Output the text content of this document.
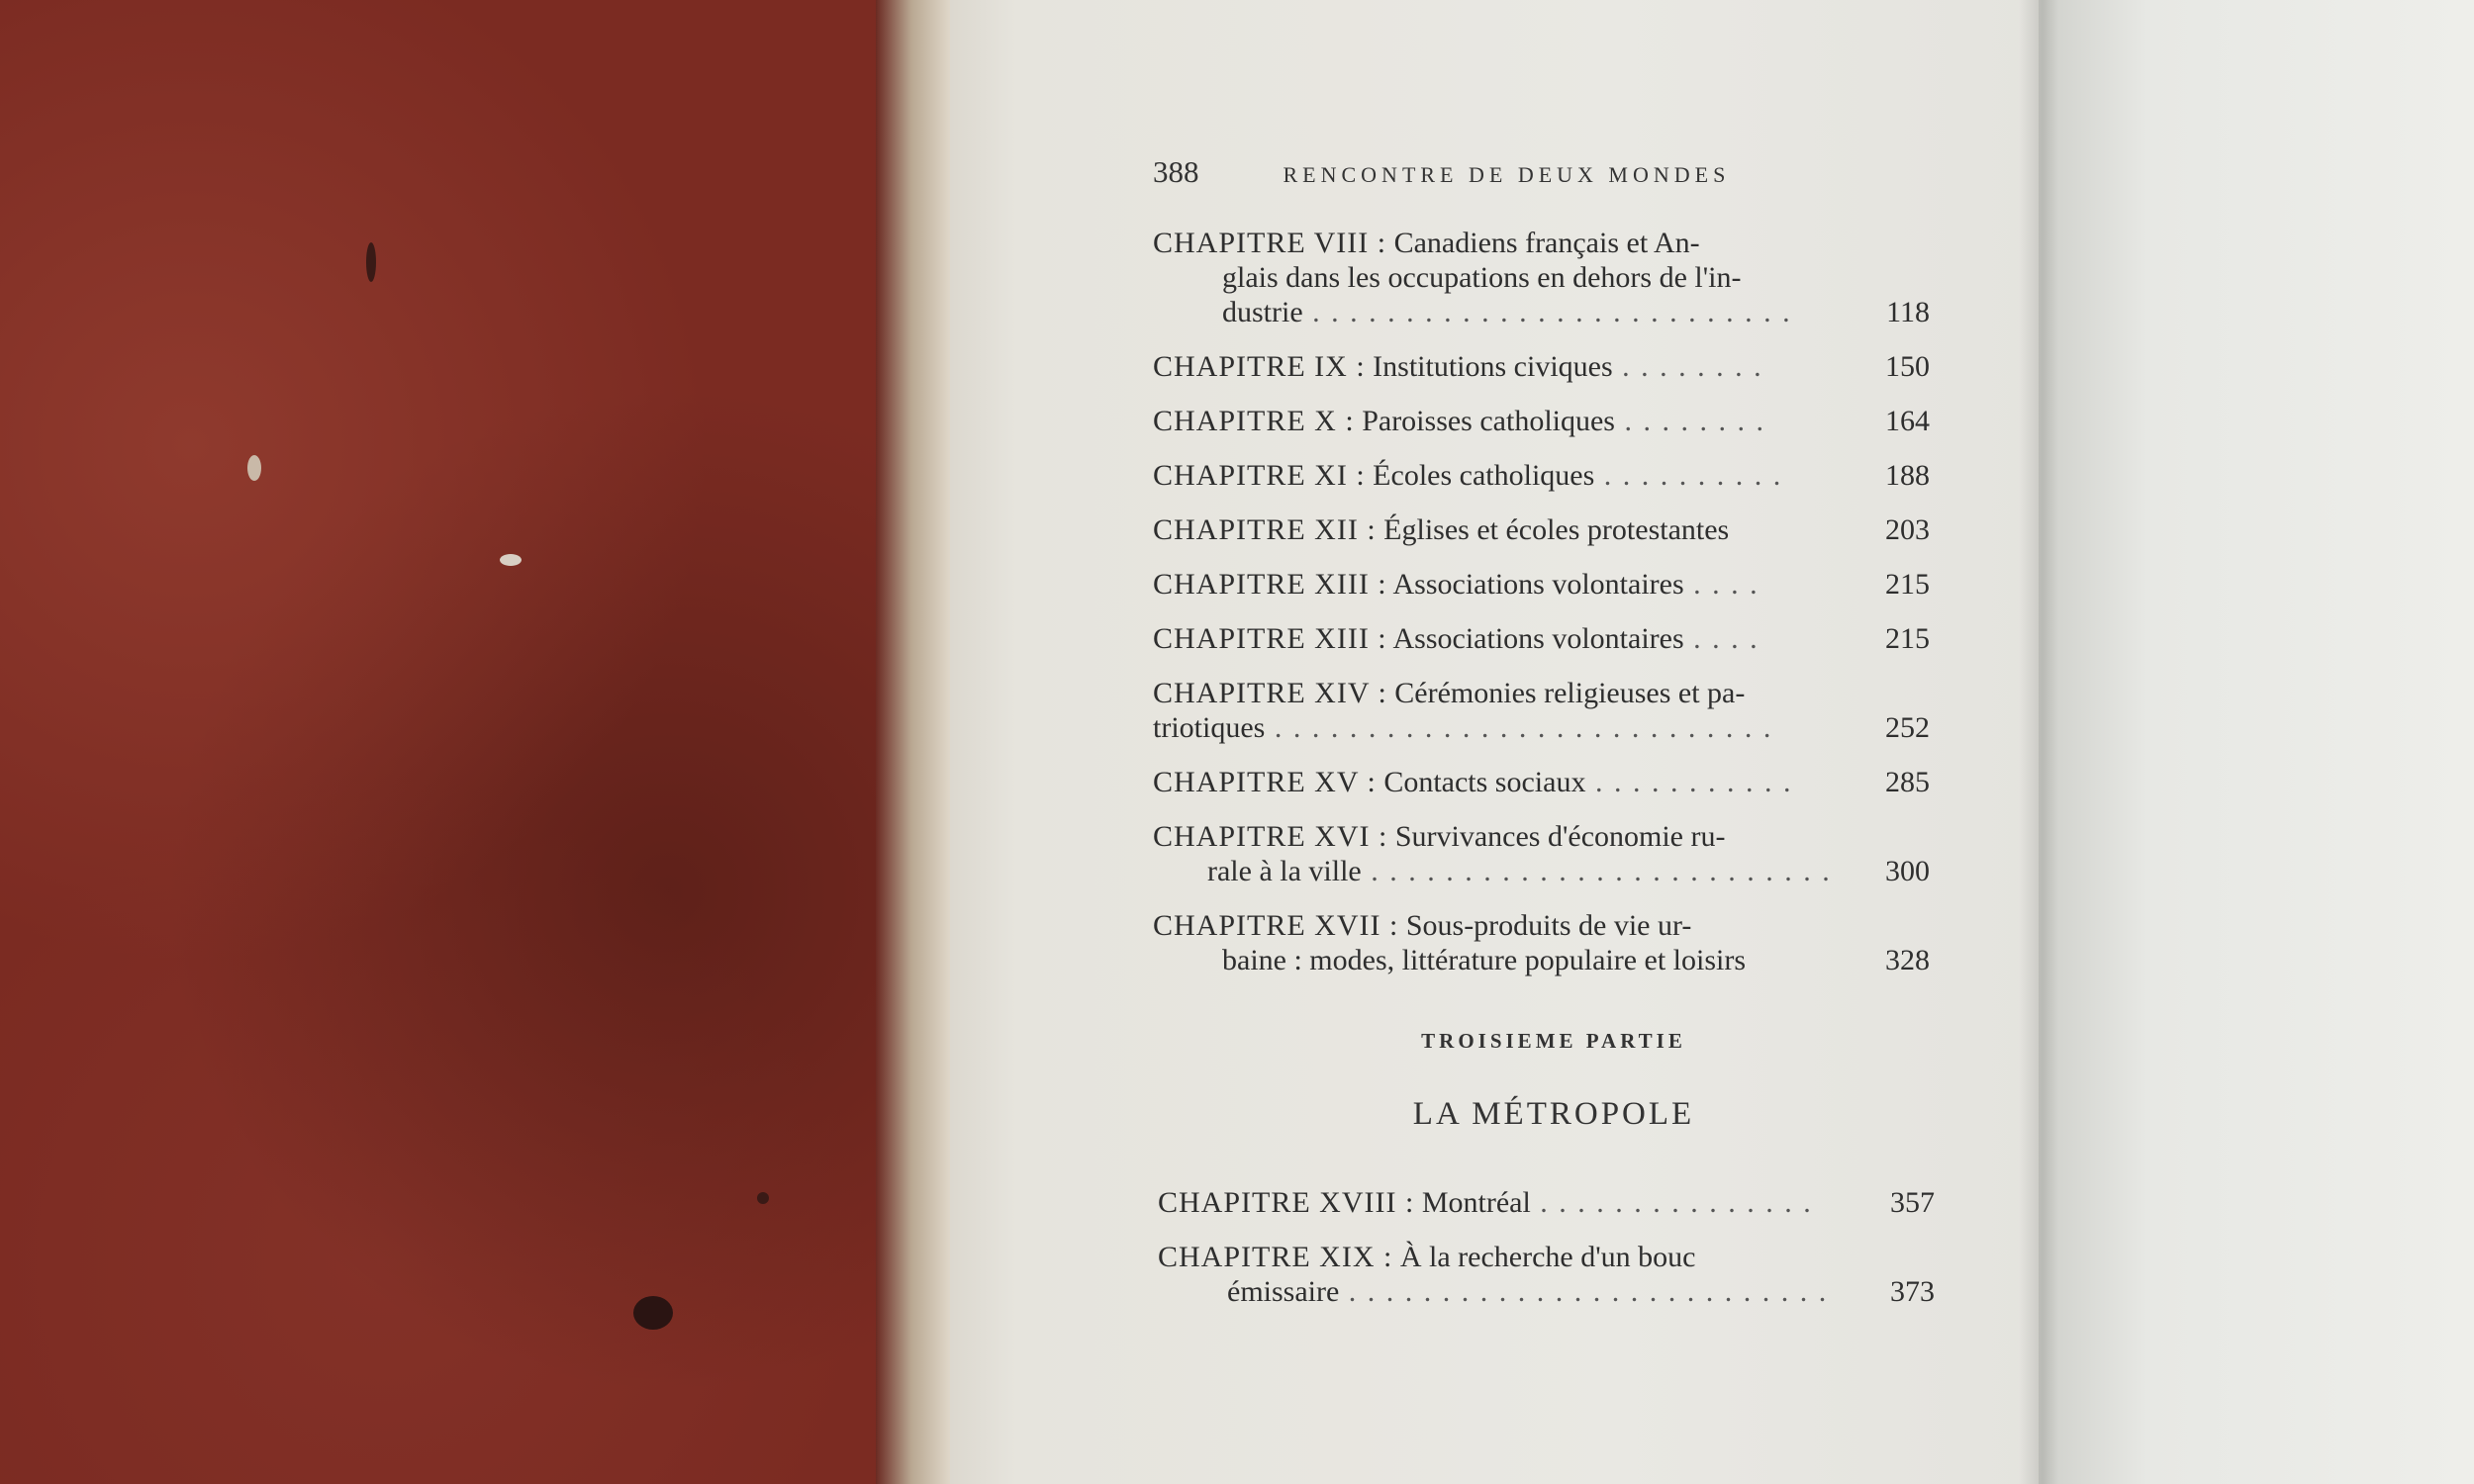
388	RENCONTRE DE DEUX MONDES
CHAPITRE VIII : Canadiens français et An-
glais dans les occupations en dehors de l'in-
dustrie . . . . . . . . . . . . . . . . . . . . . . . . . .	118
CHAPITRE IX : Institutions civiques . . . . . . . .	150
CHAPITRE X : Paroisses catholiques . . . . . . . .	164
CHAPITRE XI : Écoles catholiques . . . . . . . . . .	188
CHAPITRE XII : Églises et écoles protestantes	203
CHAPITRE XIII : Associations volontaires . . . .	215
CHAPITRE XIII : Associations volontaires . . . .	215
CHAPITRE XIV : Cérémonies religieuses et pa-
triotiques . . . . . . . . . . . . . . . . . . . . . . . . . . .	252
CHAPITRE XV : Contacts sociaux . . . . . . . . . . .	285
CHAPITRE XVI : Survivances d'économie ru-
rale à la ville . . . . . . . . . . . . . . . . . . . . . . . . .	300
CHAPITRE XVII : Sous-produits de vie ur-
baine : modes, littérature populaire et loisirs	328
TROISIEME PARTIE
LA MÉTROPOLE
CHAPITRE XVIII : Montréal . . . . . . . . . . . . . . .	357
CHAPITRE XIX : À la recherche d'un bouc
émissaire . . . . . . . . . . . . . . . . . . . . . . . . . .	373
